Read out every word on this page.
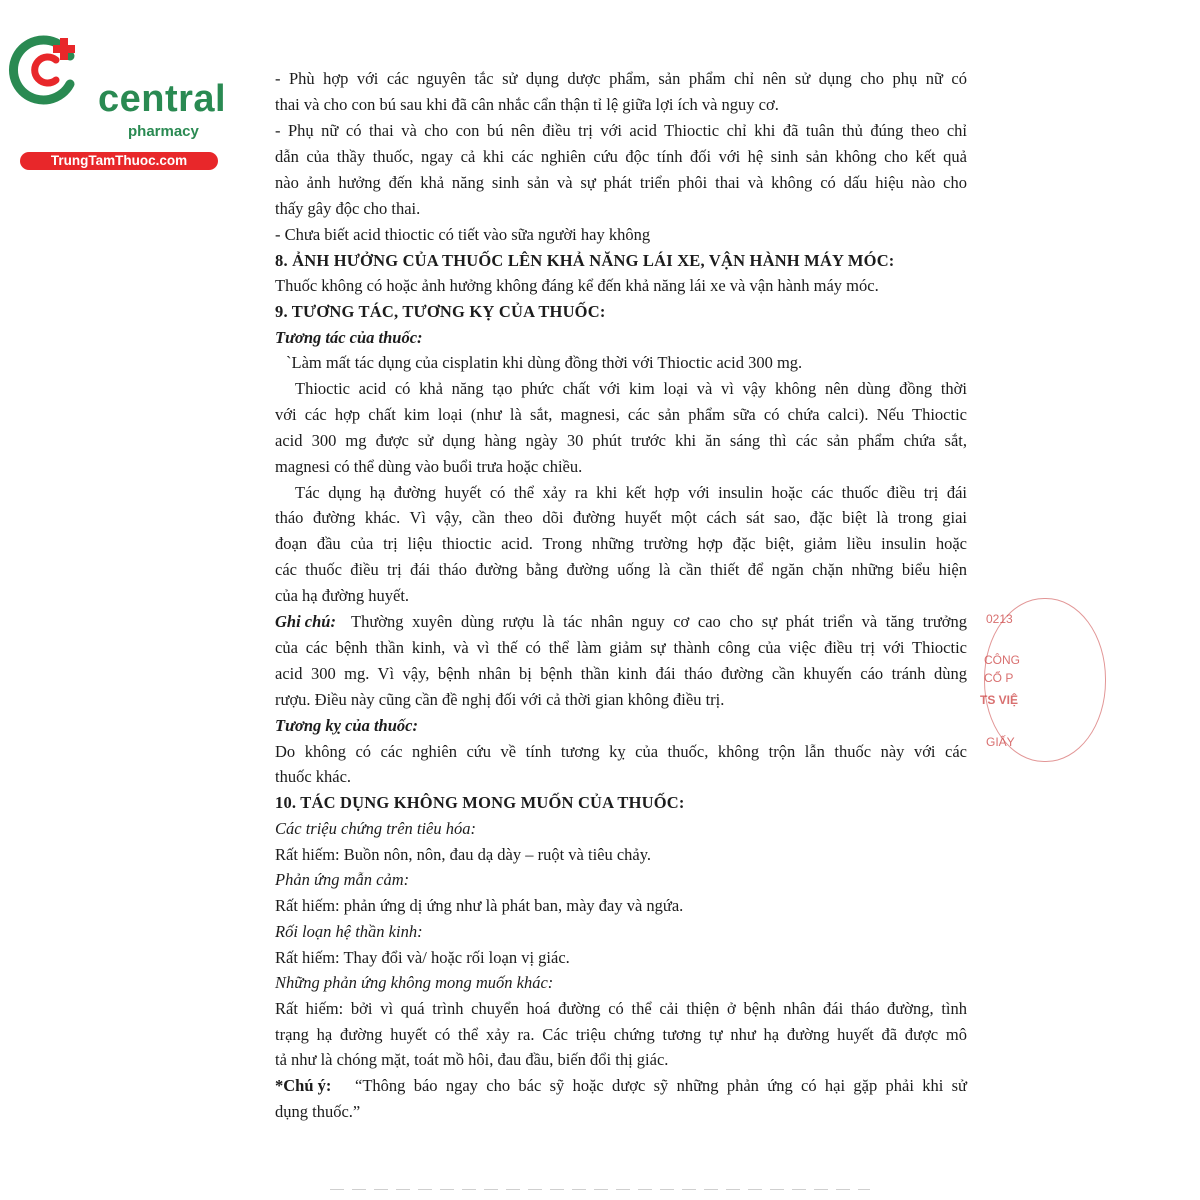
central
pharmacy
TrungTamThuoc.com
- Phù hợp với các nguyên tắc sử dụng dược phẩm, sản phẩm chỉ nên sử dụng cho phụ nữ có
thai và cho con bú sau khi đã cân nhắc cẩn thận tỉ lệ giữa lợi ích và nguy cơ.
- Phụ nữ có thai và cho con bú nên điều trị với acid Thioctic chỉ khi đã tuân thủ đúng theo chỉ
dẫn của thầy thuốc, ngay cả khi các nghiên cứu độc tính đối với hệ sinh sản không cho kết quả
nào ảnh hưởng đến khả năng sinh sản và sự phát triển phôi thai và không có dấu hiệu nào cho
thấy gây độc cho thai.
- Chưa biết acid thioctic có tiết vào sữa người hay không
8. ẢNH HƯỞNG CỦA THUỐC LÊN KHẢ NĂNG LÁI XE, VẬN HÀNH MÁY MÓC:
Thuốc không có hoặc ảnh hưởng không đáng kể đến khả năng lái xe và vận hành máy móc.
9. TƯƠNG TÁC, TƯƠNG KỴ CỦA THUỐC:
Tương tác của thuốc:
`Làm mất tác dụng của cisplatin khi dùng đồng thời với Thioctic acid 300 mg.
Thioctic acid có khả năng tạo phức chất với kim loại và vì vậy không nên dùng đồng thời
với các hợp chất kim loại (như là sắt, magnesi, các sản phẩm sữa có chứa calci). Nếu Thioctic
acid 300 mg được sử dụng hàng ngày 30 phút trước khi ăn sáng thì các sản phẩm chứa sắt,
magnesi có thể dùng vào buổi trưa hoặc chiều.
Tác dụng hạ đường huyết có thể xảy ra khi kết hợp với insulin hoặc các thuốc điều trị đái
tháo đường khác. Vì vậy, cần theo dõi đường huyết một cách sát sao, đặc biệt là trong giai
đoạn đầu của trị liệu thioctic acid. Trong những trường hợp đặc biệt, giảm liều insulin hoặc
các thuốc điều trị đái tháo đường bằng đường uống là cần thiết để ngăn chặn những biểu hiện
của hạ đường huyết.
Ghi chú: Thường xuyên dùng rượu là tác nhân nguy cơ cao cho sự phát triển và tăng trưởng
của các bệnh thần kinh, và vì thế có thể làm giảm sự thành công của việc điều trị với Thioctic
acid 300 mg. Vì vậy, bệnh nhân bị bệnh thần kinh đái tháo đường cần khuyến cáo tránh dùng
rượu. Điều này cũng cần đề nghị đối với cả thời gian không điều trị.
Tương kỵ của thuốc:
Do không có các nghiên cứu về tính tương kỵ của thuốc, không trộn lẫn thuốc này với các
thuốc khác.
10. TÁC DỤNG KHÔNG MONG MUỐN CỦA THUỐC:
Các triệu chứng trên tiêu hóa:
Rất hiếm: Buồn nôn, nôn, đau dạ dày – ruột và tiêu chảy.
Phản ứng mẫn cảm:
Rất hiếm: phản ứng dị ứng như là phát ban, mày đay và ngứa.
Rối loạn hệ thần kinh:
Rất hiếm: Thay đổi và/ hoặc rối loạn vị giác.
Những phản ứng không mong muốn khác:
Rất hiếm: bởi vì quá trình chuyển hoá đường có thể cải thiện ở bệnh nhân đái tháo đường, tình
trạng hạ đường huyết có thể xảy ra. Các triệu chứng tương tự như hạ đường huyết đã được mô
tả như là chóng mặt, toát mồ hôi, đau đầu, biến đổi thị giác.
*Chú ý:	“Thông báo ngay cho bác sỹ hoặc dược sỹ những phản ứng có hại gặp phải khi sử
dụng thuốc.”
0213
CÔNG
CỔ P
TS VIỆ
GIẤY
